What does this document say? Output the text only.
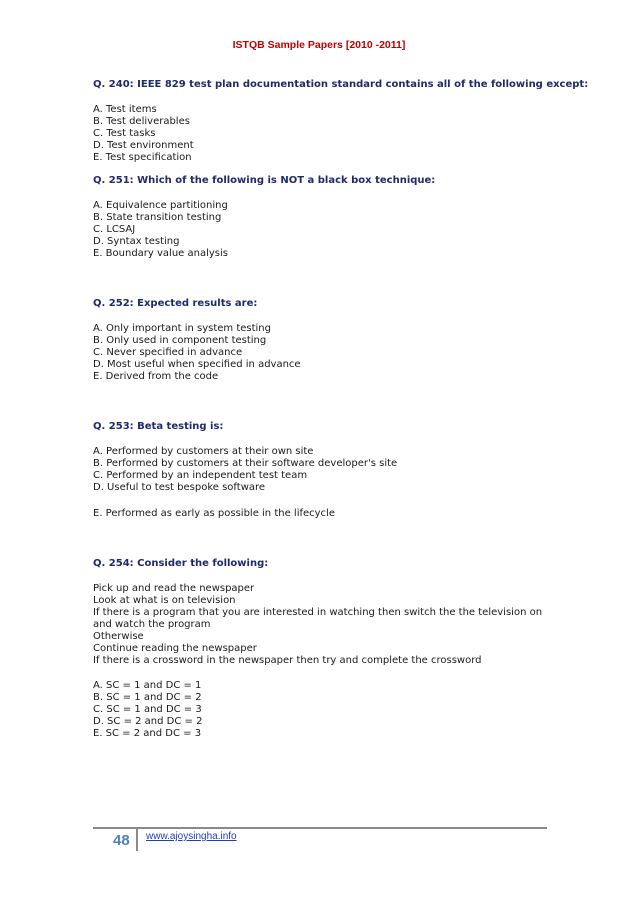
ISTQB Sample Papers [2010 -2011]

Q. 240: IEEE 829 test plan documentation standard contains all of the following except:

A. Test items
B. Test deliverables
C. Test tasks
D. Test environment
E. Test specification

Q. 251: Which of the following is NOT a black box technique:

A. Equivalence partitioning
B. State transition testing
C. LCSAJ
D. Syntax testing
E. Boundary value analysis

Q. 252: Expected results are:

A. Only important in system testing
B. Only used in component testing
C. Never specified in advance
D. Most useful when specified in advance
E. Derived from the code

Q. 253: Beta testing is:

A. Performed by customers at their own site
B. Performed by customers at their software developer's site
C. Performed by an independent test team
D. Useful to test bespoke software
E. Performed as early as possible in the lifecycle

Q. 254: Consider the following:

Pick up and read the newspaper
Look at what is on television
If there is a program that you are interested in watching then switch the the television on and watch the program
Otherwise
Continue reading the newspaper
If there is a crossword in the newspaper then try and complete the crossword
A. SC = 1 and DC = 1
B. SC = 1 and DC = 2
C. SC = 1 and DC = 3
D. SC = 2 and DC = 2
E. SC = 2 and DC = 3
48 www.ajoysingha.info
